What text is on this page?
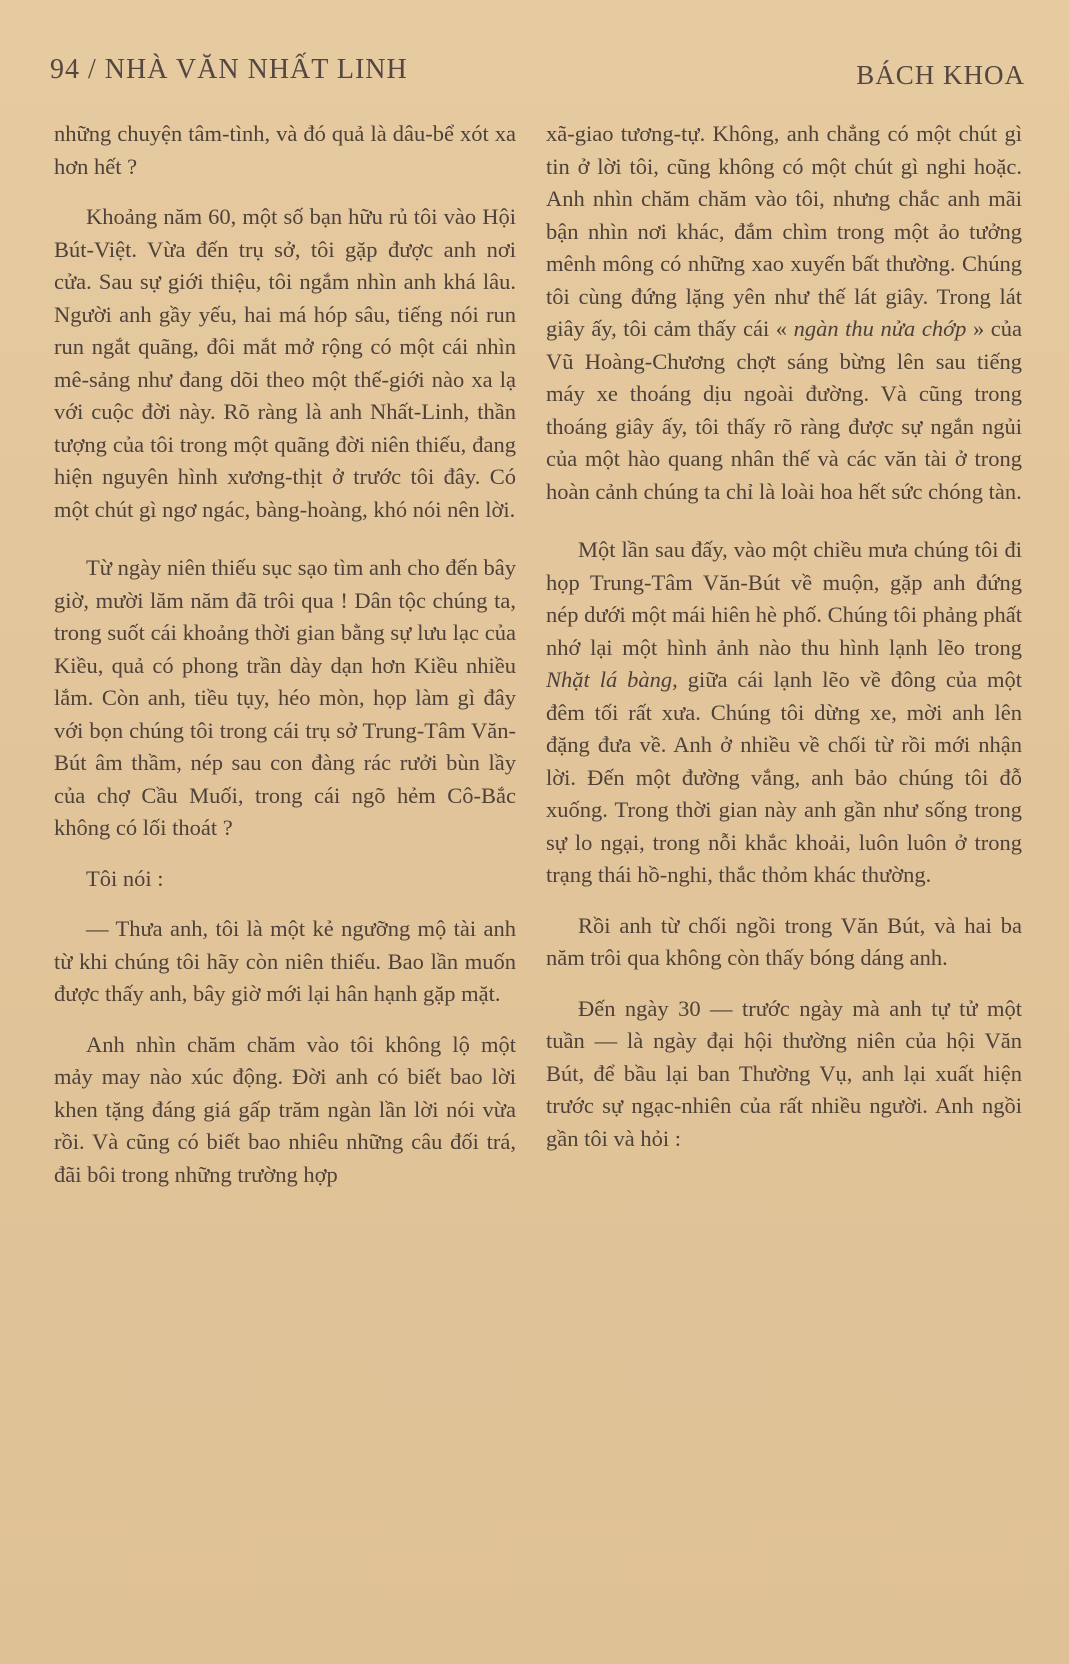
94 / NHÀ VĂN NHẤT LINH	BÁCH KHOA

những chuyện tâm-tình, và đó quả là dâu-bể xót xa hơn hết ?

Khoảng năm 60, một số bạn hữu rủ tôi vào Hội Bút-Việt. Vừa đến trụ sở, tôi gặp được anh nơi cửa. Sau sự giới thiệu, tôi ngắm nhìn anh khá lâu. Người anh gầy yếu, hai má hóp sâu, tiếng nói run run ngắt quãng, đôi mắt mở rộng có một cái nhìn mê-sảng như đang dõi theo một thế-giới nào xa lạ với cuộc đời này. Rõ ràng là anh Nhất-Linh, thần tượng của tôi trong một quãng đời niên thiếu, đang hiện nguyên hình xương-thịt ở trước tôi đây. Có một chút gì ngơ ngác, bàng-hoàng, khó nói nên lời.

Từ ngày niên thiếu sục sạo tìm anh cho đến bây giờ, mười lăm năm đã trôi qua ! Dân tộc chúng ta, trong suốt cái khoảng thời gian bằng sự lưu lạc của Kiều, quả có phong trần dày dạn hơn Kiều nhiều lắm. Còn anh, tiều tụy, héo mòn, họp làm gì đây với bọn chúng tôi trong cái trụ sở Trung-Tâm Văn-Bút âm thầm, nép sau con đàng rác rưởi bùn lầy của chợ Cầu Muối, trong cái ngõ hẻm Cô-Bắc không có lối thoát ?

Tôi nói :

— Thưa anh, tôi là một kẻ ngưỡng mộ tài anh từ khi chúng tôi hãy còn niên thiếu. Bao lần muốn được thấy anh, bây giờ mới lại hân hạnh gặp mặt.

Anh nhìn chăm chăm vào tôi không lộ một mảy may nào xúc động. Đời anh có biết bao lời khen tặng đáng giá gấp trăm ngàn lần lời nói vừa rồi. Và cũng có biết bao nhiêu những câu đối trá, đãi bôi trong những trường hợp

xã-giao tương-tự. Không, anh chẳng có một chút gì tin ở lời tôi, cũng không có một chút gì nghi hoặc. Anh nhìn chăm chăm vào tôi, nhưng chắc anh mãi bận nhìn nơi khác, đắm chìm trong một ảo tưởng mênh mông có những xao xuyến bất thường. Chúng tôi cùng đứng lặng yên như thế lát giây. Trong lát giây ấy, tôi cảm thấy cái « ngàn thu nửa chớp » của Vũ Hoàng-Chương chợt sáng bừng lên sau tiếng máy xe thoáng dịu ngoài đường. Và cũng trong thoáng giây ấy, tôi thấy rõ ràng được sự ngắn ngủi của một hào quang nhân thế và các văn tài ở trong hoàn cảnh chúng ta chỉ là loài hoa hết sức chóng tàn.

Một lần sau đấy, vào một chiều mưa chúng tôi đi họp Trung-Tâm Văn-Bút về muộn, gặp anh đứng nép dưới một mái hiên hè phố. Chúng tôi phảng phất nhớ lại một hình ảnh nào thu hình lạnh lẽo trong Nhặt lá bàng, giữa cái lạnh lẽo về đông của một đêm tối rất xưa. Chúng tôi dừng xe, mời anh lên đặng đưa về. Anh ở nhiều về chối từ rồi mới nhận lời. Đến một đường vắng, anh bảo chúng tôi đỗ xuống. Trong thời gian này anh gần như sống trong sự lo ngại, trong nỗi khắc khoải, luôn luôn ở trong trạng thái hồ-nghi, thắc thỏm khác thường.

Rồi anh từ chối ngồi trong Văn Bút, và hai ba năm trôi qua không còn thấy bóng dáng anh.

Đến ngày 30 — trước ngày mà anh tự tử một tuần — là ngày đại hội thường niên của hội Văn Bút, để bầu lại ban Thường Vụ, anh lại xuất hiện trước sự ngạc-nhiên của rất nhiều người. Anh ngồi gần tôi và hỏi :
